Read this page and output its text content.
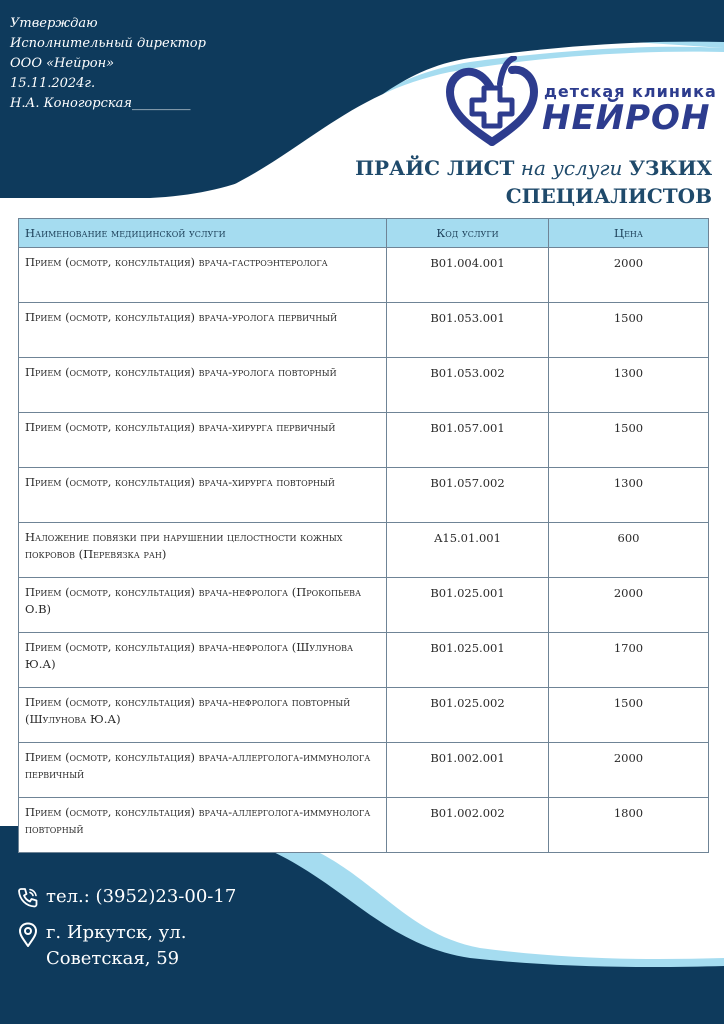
Утверждаю
Исполнительный директор
ООО «Нейрон»
15.11.2024г.
Н.А. Коногорская_________
детская клиника
НЕЙРОН
ПРАЙС ЛИСТ на услуги УЗКИХ
СПЕЦИАЛИСТОВ
Наименование медицинской услуги	Код услуги	Цена
Прием (осмотр, консультация) врача-гастроэнтеролога	B01.004.001	2000
Прием (осмотр, консультация) врача-уролога первичный	B01.053.001	1500
Прием (осмотр, консультация) врача-уролога повторный	B01.053.002	1300
Прием (осмотр, консультация) врача-хирурга первичный	B01.057.001	1500
Прием (осмотр, консультация) врача-хирурга повторный	B01.057.002	1300
Наложение повязки при нарушении целостности кожных покровов (Перевязка ран)	A15.01.001	600
Прием (осмотр, консультация) врача-нефролога (Прокопьева О.В)	B01.025.001	2000
Прием (осмотр, консультация) врача-нефролога (Шулунова Ю.А)	B01.025.001	1700
Прием (осмотр, консультация) врача-нефролога повторный (Шулунова Ю.А)	B01.025.002	1500
Прием (осмотр, консультация) врача-аллерголога-иммунолога первичный	B01.002.001	2000
Прием (осмотр, консультация) врача-аллерголога-иммунолога повторный	B01.002.002	1800
тел.: (3952)23-00-17
г. Иркутск, ул.
Советская, 59
